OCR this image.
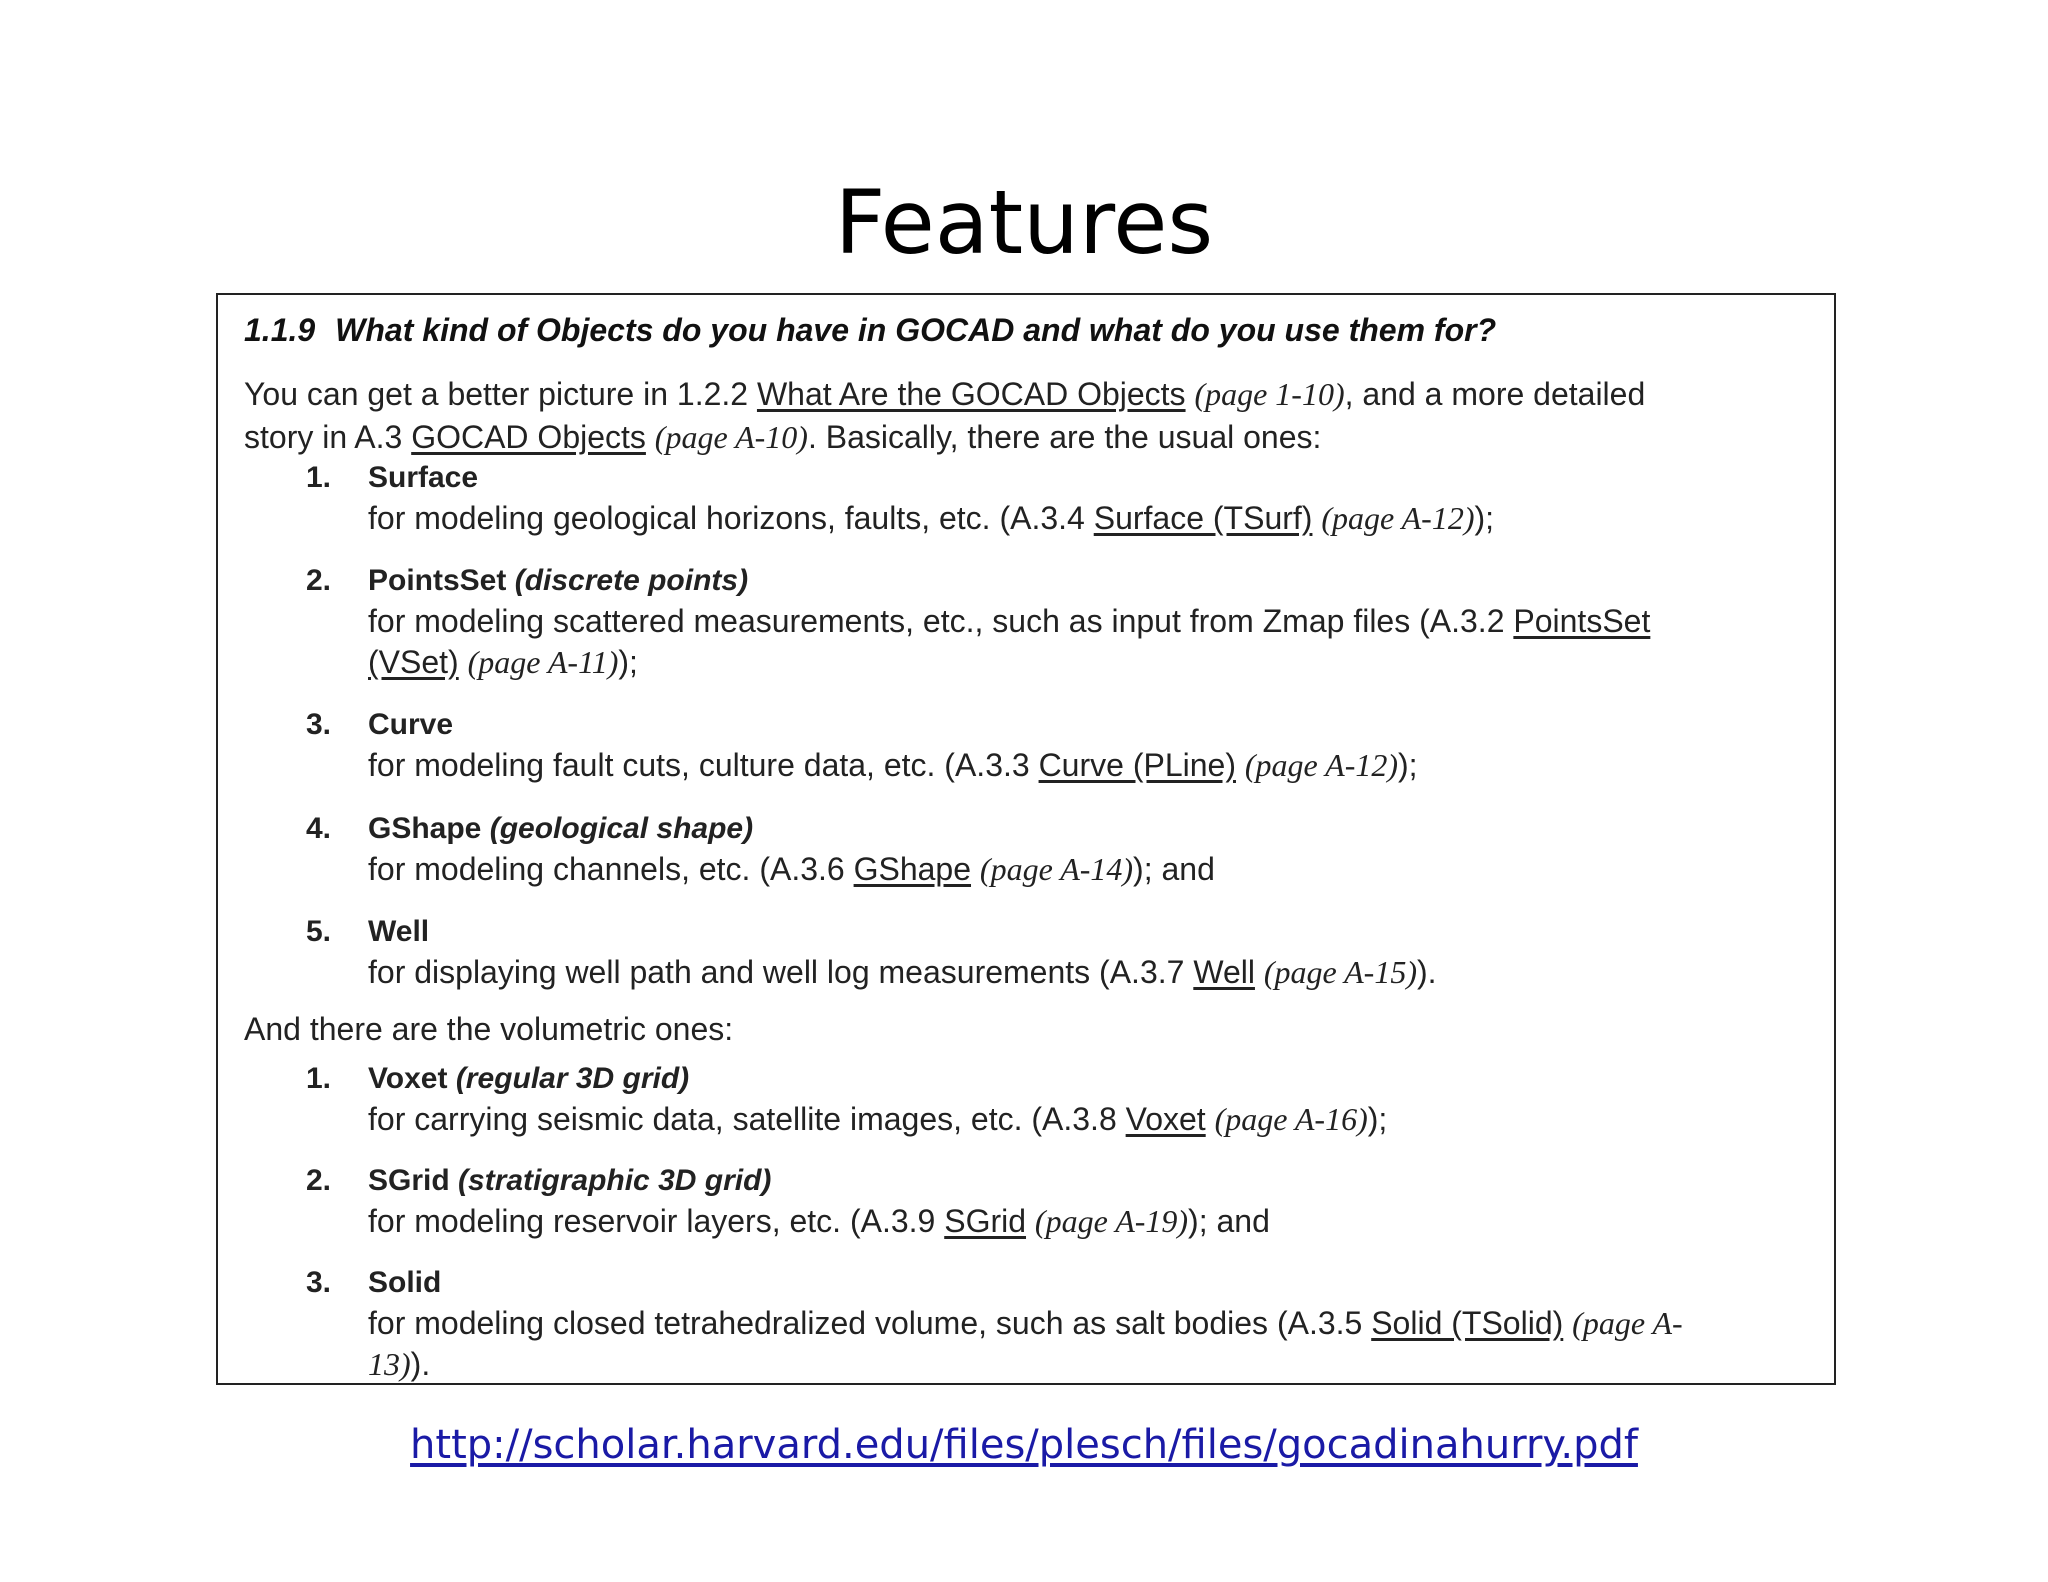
Features
1.1.9 What kind of Objects do you have in GOCAD and what do you use them for?
You can get a better picture in 1.2.2 What Are the GOCAD Objects (page 1-10), and a more detailed
story in A.3 GOCAD Objects (page A-10). Basically, there are the usual ones:
1. Surface
for modeling geological horizons, faults, etc. (A.3.4 Surface (TSurf) (page A-12));
2. PointsSet (discrete points)
for modeling scattered measurements, etc., such as input from Zmap files (A.3.2 PointsSet
(VSet) (page A-11));
3. Curve
for modeling fault cuts, culture data, etc. (A.3.3 Curve (PLine) (page A-12));
4. GShape (geological shape)
for modeling channels, etc. (A.3.6 GShape (page A-14)); and
5. Well
for displaying well path and well log measurements (A.3.7 Well (page A-15)).
And there are the volumetric ones:
1. Voxet (regular 3D grid)
for carrying seismic data, satellite images, etc. (A.3.8 Voxet (page A-16));
2. SGrid (stratigraphic 3D grid)
for modeling reservoir layers, etc. (A.3.9 SGrid (page A-19)); and
3. Solid
for modeling closed tetrahedralized volume, such as salt bodies (A.3.5 Solid (TSolid) (page A-
13)).
http://scholar.harvard.edu/files/plesch/files/gocadinahurry.pdf
